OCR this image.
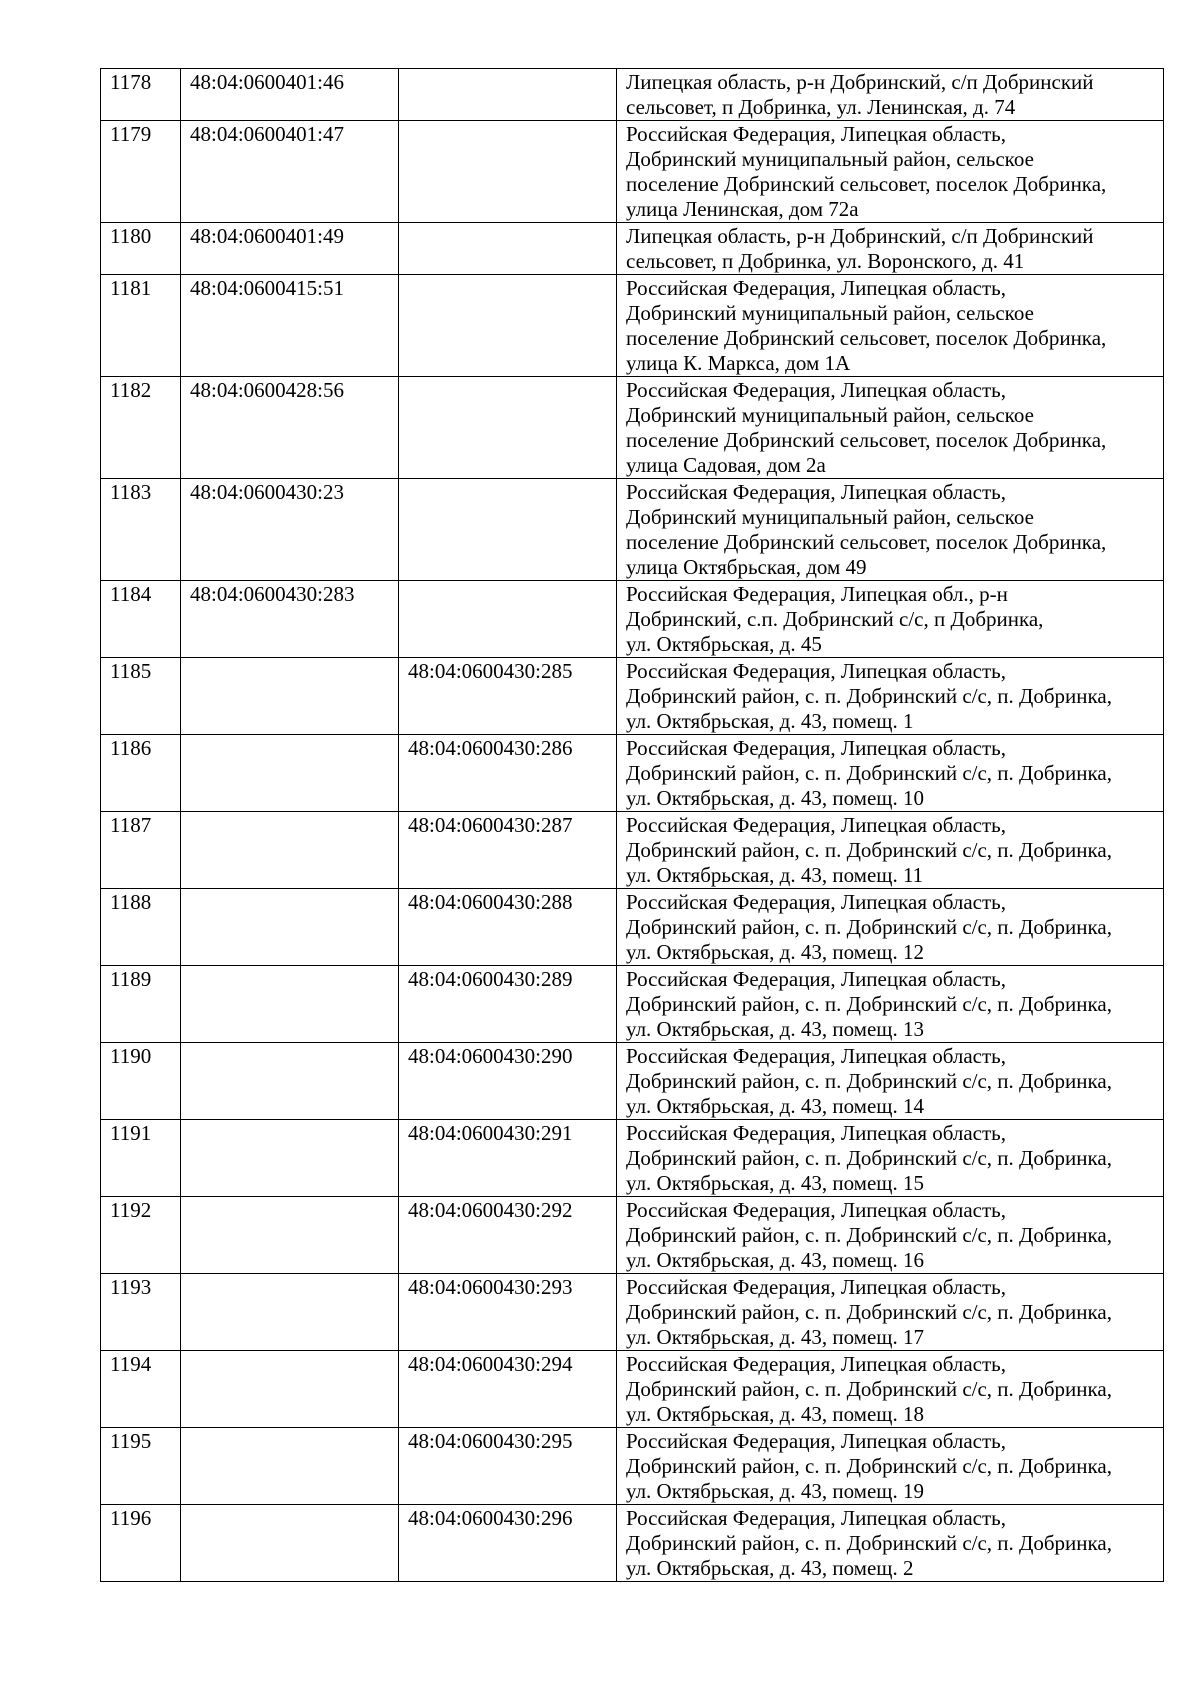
1178	48:04:0600401:46		Липецкая область, р-н Добринский, с/п Добринский
сельсовет, п Добринка, ул. Ленинская, д. 74

1179	48:04:0600401:47		Российская Федерация, Липецкая область,
Добринский муниципальный район, сельское
поселение Добринский сельсовет, поселок Добринка,
улица Ленинская, дом 72а

1180	48:04:0600401:49		Липецкая область, р-н Добринский, с/п Добринский
сельсовет, п Добринка, ул. Воронского, д. 41

1181	48:04:0600415:51		Российская Федерация, Липецкая область,
Добринский муниципальный район, сельское
поселение Добринский сельсовет, поселок Добринка,
улица К. Маркса, дом 1А

1182	48:04:0600428:56		Российская Федерация, Липецкая область,
Добринский муниципальный район, сельское
поселение Добринский сельсовет, поселок Добринка,
улица Садовая, дом 2а

1183	48:04:0600430:23		Российская Федерация, Липецкая область,
Добринский муниципальный район, сельское
поселение Добринский сельсовет, поселок Добринка,
улица Октябрьская, дом 49

1184	48:04:0600430:283		Российская Федерация, Липецкая обл., р-н
Добринский, с.п. Добринский с/с, п Добринка,
ул. Октябрьская, д. 45

1185		48:04:0600430:285	Российская Федерация, Липецкая область,
Добринский район, с. п. Добринский с/с, п. Добринка,
ул. Октябрьская, д. 43, помещ. 1

1186		48:04:0600430:286	Российская Федерация, Липецкая область,
Добринский район, с. п. Добринский с/с, п. Добринка,
ул. Октябрьская, д. 43, помещ. 10

1187		48:04:0600430:287	Российская Федерация, Липецкая область,
Добринский район, с. п. Добринский с/с, п. Добринка,
ул. Октябрьская, д. 43, помещ. 11

1188		48:04:0600430:288	Российская Федерация, Липецкая область,
Добринский район, с. п. Добринский с/с, п. Добринка,
ул. Октябрьская, д. 43, помещ. 12

1189		48:04:0600430:289	Российская Федерация, Липецкая область,
Добринский район, с. п. Добринский с/с, п. Добринка,
ул. Октябрьская, д. 43, помещ. 13

1190		48:04:0600430:290	Российская Федерация, Липецкая область,
Добринский район, с. п. Добринский с/с, п. Добринка,
ул. Октябрьская, д. 43, помещ. 14

1191		48:04:0600430:291	Российская Федерация, Липецкая область,
Добринский район, с. п. Добринский с/с, п. Добринка,
ул. Октябрьская, д. 43, помещ. 15

1192		48:04:0600430:292	Российская Федерация, Липецкая область,
Добринский район, с. п. Добринский с/с, п. Добринка,
ул. Октябрьская, д. 43, помещ. 16

1193		48:04:0600430:293	Российская Федерация, Липецкая область,
Добринский район, с. п. Добринский с/с, п. Добринка,
ул. Октябрьская, д. 43, помещ. 17

1194		48:04:0600430:294	Российская Федерация, Липецкая область,
Добринский район, с. п. Добринский с/с, п. Добринка,
ул. Октябрьская, д. 43, помещ. 18

1195		48:04:0600430:295	Российская Федерация, Липецкая область,
Добринский район, с. п. Добринский с/с, п. Добринка,
ул. Октябрьская, д. 43, помещ. 19

1196		48:04:0600430:296	Российская Федерация, Липецкая область,
Добринский район, с. п. Добринский с/с, п. Добринка,
ул. Октябрьская, д. 43, помещ. 2
